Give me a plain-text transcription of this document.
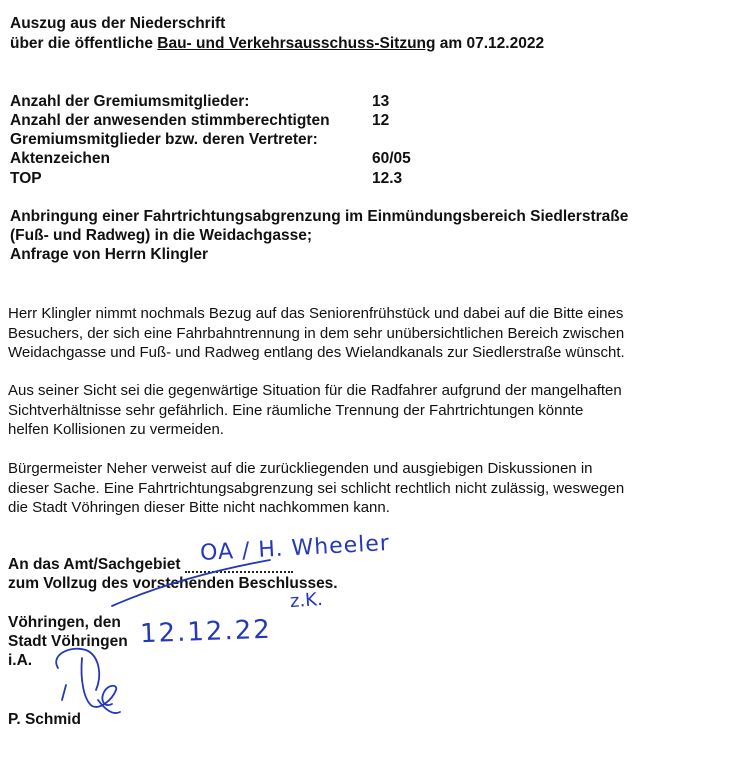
Auszug aus der Niederschrift
über die öffentliche Bau- und Verkehrsausschuss-Sitzung am 07.12.2022
Anzahl der Gremiumsmitglieder:	13
Anzahl der anwesenden stimmberechtigten	12
Gremiumsmitglieder bzw. deren Vertreter:
Aktenzeichen	60/05
TOP	12.3
Anbringung einer Fahrtrichtungsabgrenzung im Einmündungsbereich Siedlerstraße
(Fuß- und Radweg) in die Weidachgasse;
Anfrage von Herrn Klingler
Herr Klingler nimmt nochmals Bezug auf das Seniorenfrühstück und dabei auf die Bitte eines
Besuchers, der sich eine Fahrbahntrennung in dem sehr unübersichtlichen Bereich zwischen
Weidachgasse und Fuß- und Radweg entlang des Wielandkanals zur Siedlerstraße wünscht.
Aus seiner Sicht sei die gegenwärtige Situation für die Radfahrer aufgrund der mangelhaften
Sichtverhältnisse sehr gefährlich. Eine räumliche Trennung der Fahrtrichtungen könnte
helfen Kollisionen zu vermeiden.
Bürgermeister Neher verweist auf die zurückliegenden und ausgiebigen Diskussionen in
dieser Sache. Eine Fahrtrichtungsabgrenzung sei schlicht rechtlich nicht zulässig, weswegen
die Stadt Vöhringen dieser Bitte nicht nachkommen kann.
An das Amt/Sachgebiet
zum Vollzug des vorstehenden Beschlusses.
Vöhringen, den
Stadt Vöhringen
i.A.
P. Schmid
OA / H. Wheeler
z.K.
12.12.22
